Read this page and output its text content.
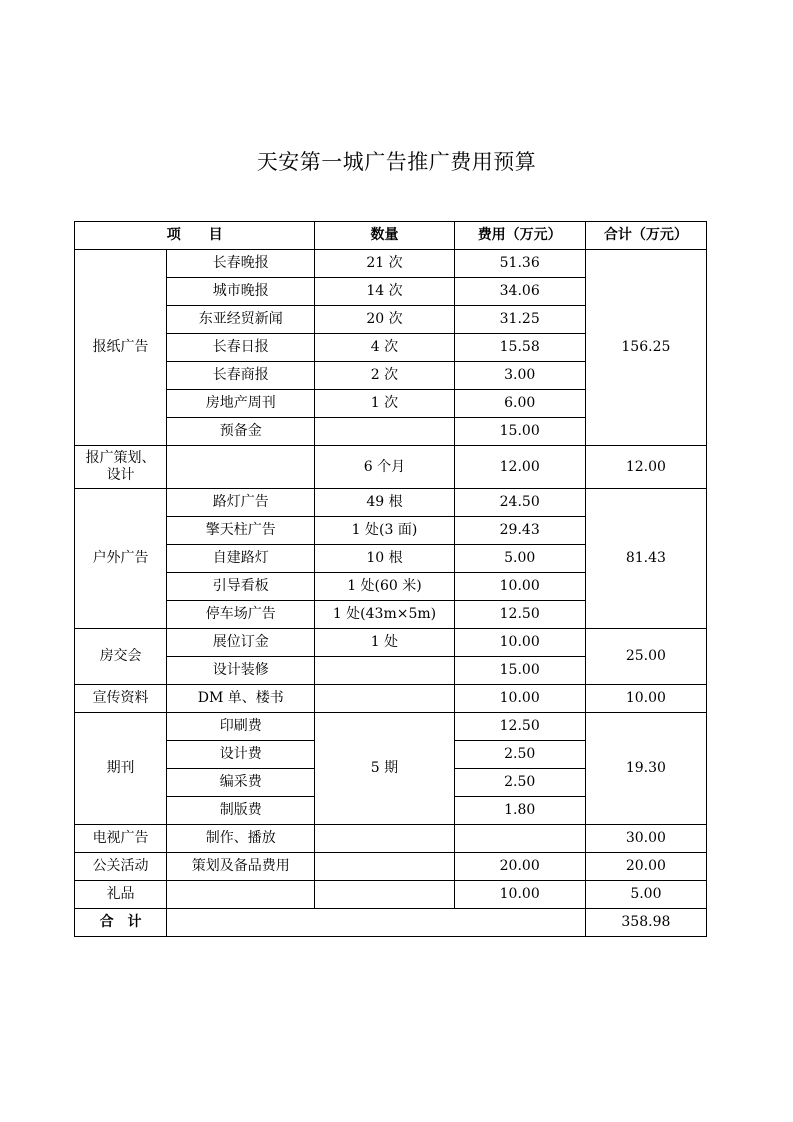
天安第一城广告推广费用预算
项　　目		数量	费用（万元）	合计（万元）
报纸广告	长春晚报	21 次	51.36	156.25
	城市晚报	14 次	34.06	
	东亚经贸新闻	20 次	31.25	
	长春日报	4 次	15.58	
	长春商报	2 次	3.00	
	房地产周刊	1 次	6.00	
	预备金		15.00	
报广策划、
设计		6 个月	12.00	12.00
户外广告	路灯广告	49 根	24.50	81.43
	擎天柱广告	1 处(3 面)	29.43	
	自建路灯	10 根	5.00	
	引导看板	1 处(60 米)	10.00	
	停车场广告	1 处(43m×5m)	12.50	
房交会	展位订金	1 处	10.00	25.00
	设计装修		15.00	
宣传资料	DM 单、楼书		10.00	10.00
期刊	印刷费	5 期	12.50	19.30
	设计费		2.50	
	编采费		2.50	
	制版费		1.80	
电视广告	制作、播放			30.00
公关活动	策划及备品费用		20.00	20.00
礼品			10.00	5.00
合　计				358.98
